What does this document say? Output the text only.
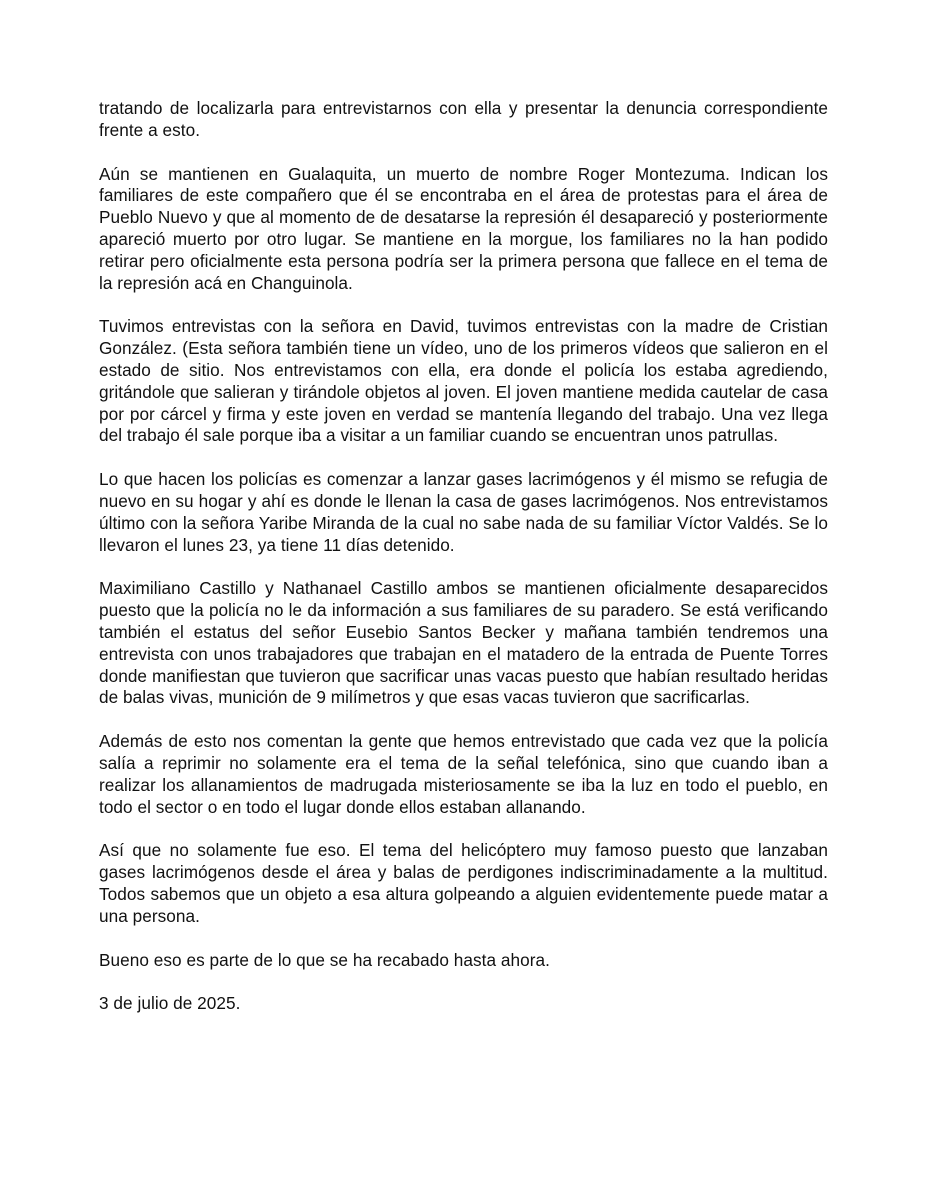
tratando de localizarla para entrevistarnos con ella y presentar la denuncia correspondiente frente a esto.

Aún se mantienen en Gualaquita, un muerto de nombre Roger Montezuma. Indican los familiares de este compañero que él se encontraba en el área de protestas para el área de Pueblo Nuevo y que al momento de de desatarse la represión él desapareció y posteriormente apareció muerto por otro lugar. Se mantiene en la morgue, los familiares no la han podido retirar pero oficialmente esta persona podría ser la primera persona que fallece en el tema de la represión acá en Changuinola.

Tuvimos entrevistas con la señora en David, tuvimos entrevistas con la madre de Cristian González. (Esta señora también tiene un vídeo, uno de los primeros vídeos que salieron en el estado de sitio. Nos entrevistamos con ella, era donde el policía los estaba agrediendo, gritándole que salieran y tirándole objetos al joven. El joven mantiene medida cautelar de casa por por cárcel y firma y este joven en verdad se mantenía llegando del trabajo. Una vez llega del trabajo él sale porque iba a visitar a un familiar cuando se encuentran unos patrullas.

Lo que hacen los policías es comenzar a lanzar gases lacrimógenos y él mismo se refugia de nuevo en su hogar y ahí es donde le llenan la casa de gases lacrimógenos. Nos entrevistamos último con la señora Yaribe Miranda de la cual no sabe nada de su familiar Víctor Valdés. Se lo llevaron el lunes 23, ya tiene 11 días detenido.

Maximiliano Castillo y Nathanael Castillo ambos se mantienen oficialmente desaparecidos puesto que la policía no le da información a sus familiares de su paradero. Se está verificando también el estatus del señor Eusebio Santos Becker y mañana también tendremos una entrevista con unos trabajadores que trabajan en el matadero de la entrada de Puente Torres donde manifiestan que tuvieron que sacrificar unas vacas puesto que habían resultado heridas de balas vivas, munición de 9 milímetros y que esas vacas tuvieron que sacrificarlas.

Además de esto nos comentan la gente que hemos entrevistado que cada vez que la policía salía a reprimir no solamente era el tema de la señal telefónica, sino que cuando iban a realizar los allanamientos de madrugada misteriosamente se iba la luz en todo el pueblo, en todo el sector o en todo el lugar donde ellos estaban allanando.

Así que no solamente fue eso. El tema del helicóptero muy famoso puesto que lanzaban gases lacrimógenos desde el área y balas de perdigones indiscriminadamente a la multitud. Todos sabemos que un objeto a esa altura golpeando a alguien evidentemente puede matar a una persona.

Bueno eso es parte de lo que se ha recabado hasta ahora.

3 de julio de 2025.
